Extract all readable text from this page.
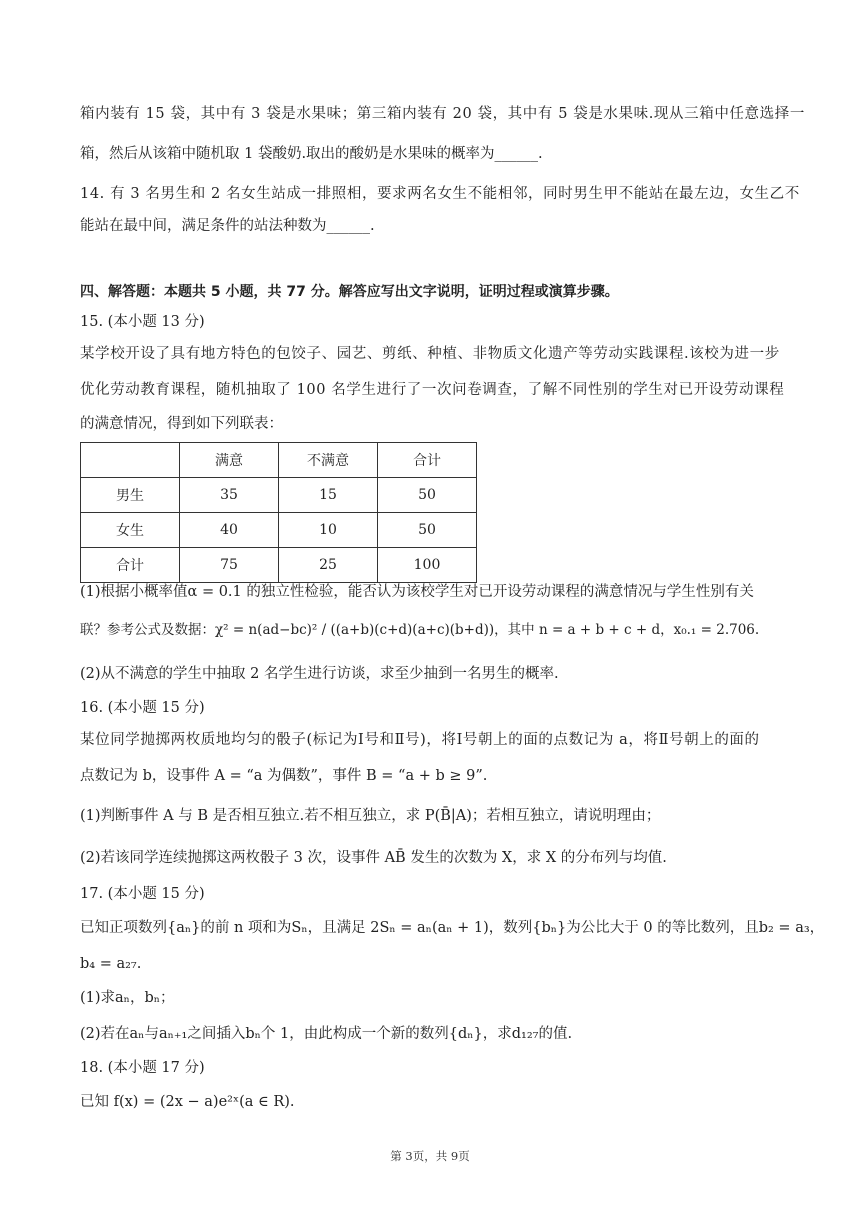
箱内装有 15 袋，其中有 3 袋是水果味；第三箱内装有 20 袋，其中有 5 袋是水果味.现从三箱中任意选择一
箱，然后从该箱中随机取 1 袋酸奶.取出的酸奶是水果味的概率为______.
14. 有 3 名男生和 2 名女生站成一排照相，要求两名女生不能相邻，同时男生甲不能站在最左边，女生乙不
能站在最中间，满足条件的站法种数为______.
四、解答题：本题共 5 小题，共 77 分。解答应写出文字说明，证明过程或演算步骤。
15. (本小题 13 分)
某学校开设了具有地方特色的包饺子、园艺、剪纸、种植、非物质文化遗产等劳动实践课程.该校为进一步
优化劳动教育课程，随机抽取了 100 名学生进行了一次问卷调查，了解不同性别的学生对已开设劳动课程
的满意情况，得到如下列联表：
	满意	不满意	合计
男生	35	15	50
女生	40	10	50
合计	75	25	100
(1)根据小概率值α = 0.1 的独立性检验，能否认为该校学生对已开设劳动课程的满意情况与学生性别有关
联？参考公式及数据：χ² = n(ad−bc)² / ((a+b)(c+d)(a+c)(b+d))，其中 n = a + b + c + d，x₀.₁ = 2.706.
(2)从不满意的学生中抽取 2 名学生进行访谈，求至少抽到一名男生的概率.
16. (本小题 15 分)
某位同学抛掷两枚质地均匀的骰子(标记为Ⅰ号和Ⅱ号)，将Ⅰ号朝上的面的点数记为 a，将Ⅱ号朝上的面的
点数记为 b，设事件 A = “a 为偶数”，事件 B = “a + b ≥ 9”.
(1)判断事件 A 与 B 是否相互独立.若不相互独立，求 P(B̄|A)；若相互独立，请说明理由；
(2)若该同学连续抛掷这两枚骰子 3 次，设事件 AB̄ 发生的次数为 X，求 X 的分布列与均值.
17. (本小题 15 分)
已知正项数列{aₙ}的前 n 项和为Sₙ，且满足 2Sₙ = aₙ(aₙ + 1)，数列{bₙ}为公比大于 0 的等比数列，且b₂ = a₃，
b₄ = a₂₇.
(1)求aₙ，bₙ；
(2)若在aₙ与aₙ₊₁之间插入bₙ个 1，由此构成一个新的数列{dₙ}，求d₁₂₇的值.
18. (本小题 17 分)
已知 f(x) = (2x − a)e²ˣ(a ∈ R).
第 3页，共 9页
